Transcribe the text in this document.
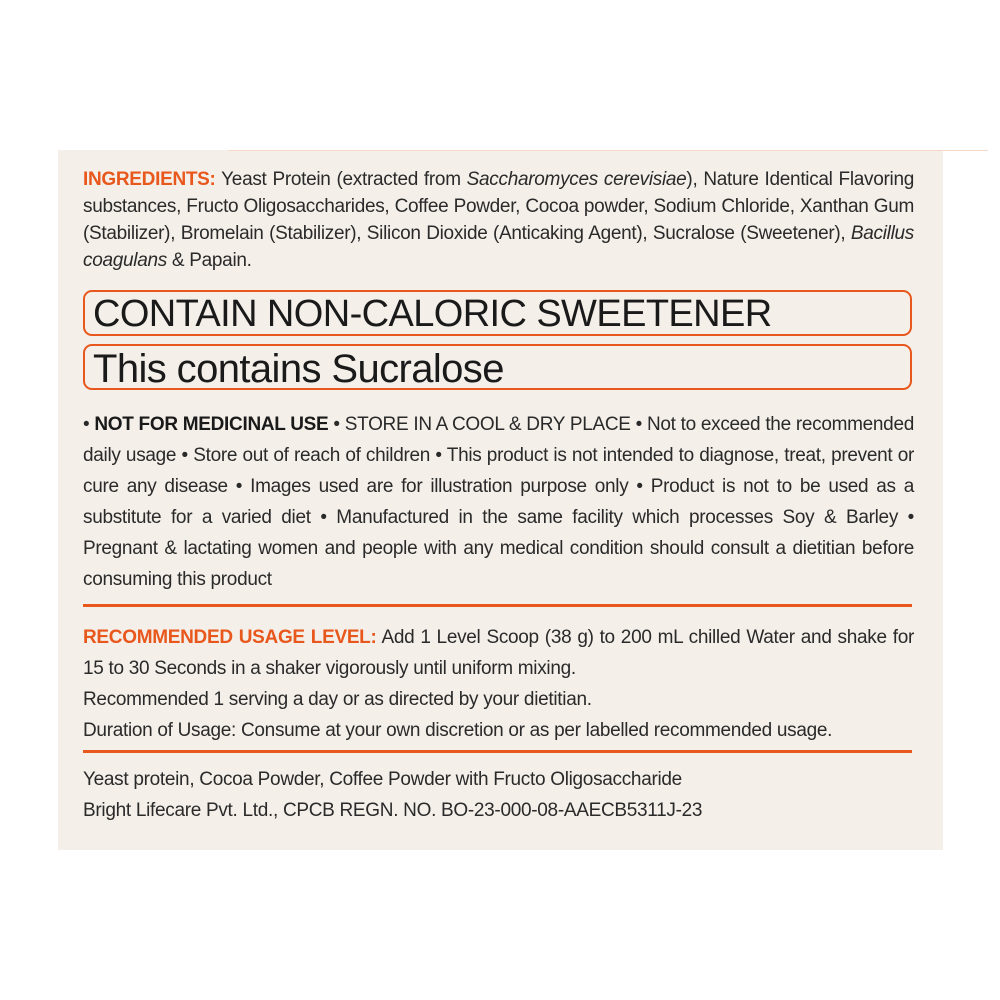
INGREDIENTS: Yeast Protein (extracted from Saccharomyces cerevisiae), Nature Identical Flavoring substances, Fructo Oligosaccharides, Coffee Powder, Cocoa powder, Sodium Chloride, Xanthan Gum (Stabilizer), Bromelain (Stabilizer), Silicon Dioxide (Anticaking Agent), Sucralose (Sweetener), Bacillus coagulans & Papain.
CONTAIN NON-CALORIC SWEETENER
This contains Sucralose

• NOT FOR MEDICINAL USE • STORE IN A COOL & DRY PLACE • Not to exceed the recommended daily usage • Store out of reach of children • This product is not intended to diagnose, treat, prevent or cure any disease • Images used are for illustration purpose only • Product is not to be used as a substitute for a varied diet • Manufactured in the same facility which processes Soy & Barley • Pregnant & lactating women and people with any medical condition should consult a dietitian before consuming this product

RECOMMENDED USAGE LEVEL: Add 1 Level Scoop (38 g) to 200 mL chilled Water and shake for 15 to 30 Seconds in a shaker vigorously until uniform mixing.

Recommended 1 serving a day or as directed by your dietitian.

Duration of Usage: Consume at your own discretion or as per labelled recommended usage.

Yeast protein, Cocoa Powder, Coffee Powder with Fructo Oligosaccharide

Bright Lifecare Pvt. Ltd., CPCB REGN. NO. BO-23-000-08-AAECB5311J-23
